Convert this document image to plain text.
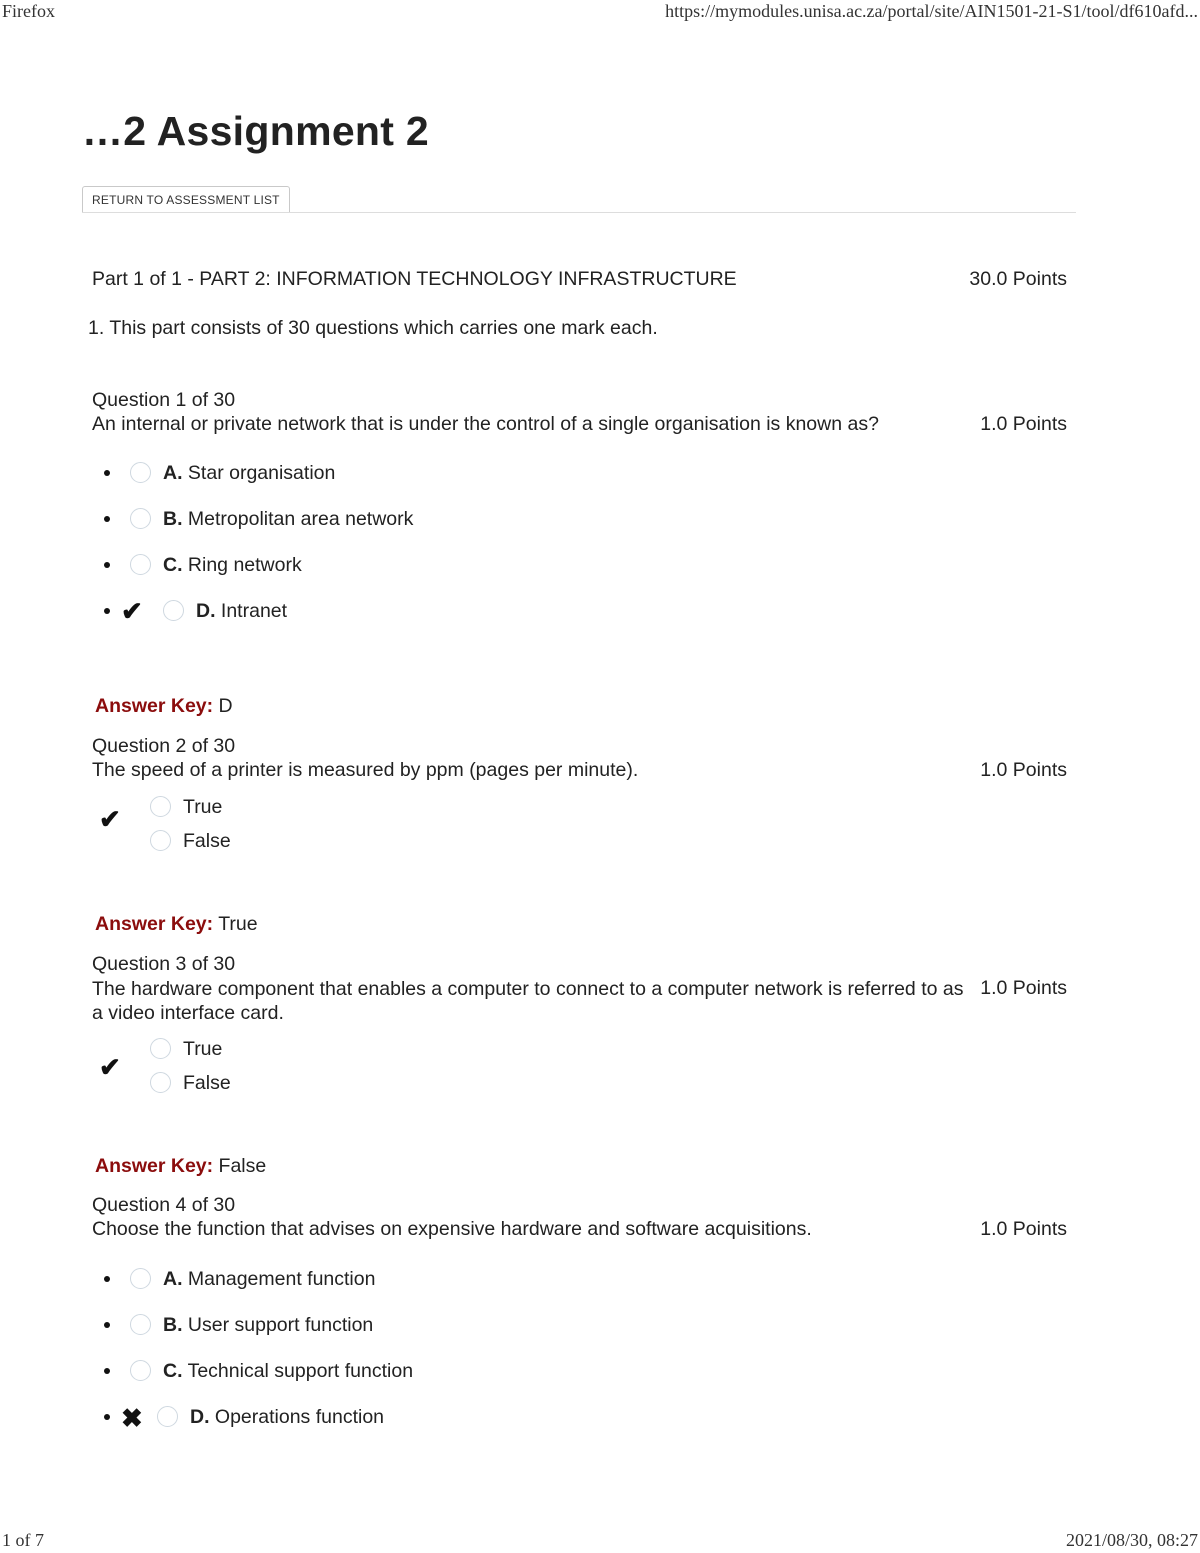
Firefox	https://mymodules.unisa.ac.za/portal/site/AIN1501-21-S1/tool/df610afd...
…2 Assignment 2
RETURN TO ASSESSMENT LIST
Part 1 of 1 - PART 2: INFORMATION TECHNOLOGY INFRASTRUCTURE	30.0 Points
1. This part consists of 30 questions which carries one mark each.
Question 1 of 30
An internal or private network that is under the control of a single organisation is known as?	1.0 Points
A. Star organisation
B. Metropolitan area network
C. Ring network
✔	D. Intranet
Answer Key: D
Question 2 of 30
The speed of a printer is measured by ppm (pages per minute).	1.0 Points
✔	True
False
Answer Key: True
Question 3 of 30
The hardware component that enables a computer to connect to a computer network is referred to as a video interface card.
1.0 Points
✔
True
False
Answer Key: False
Question 4 of 30
Choose the function that advises on expensive hardware and software acquisitions.	1.0 Points
A. Management function
B. User support function
C. Technical support function
✖ D. Operations function
1 of 7	2021/08/30, 08:27
